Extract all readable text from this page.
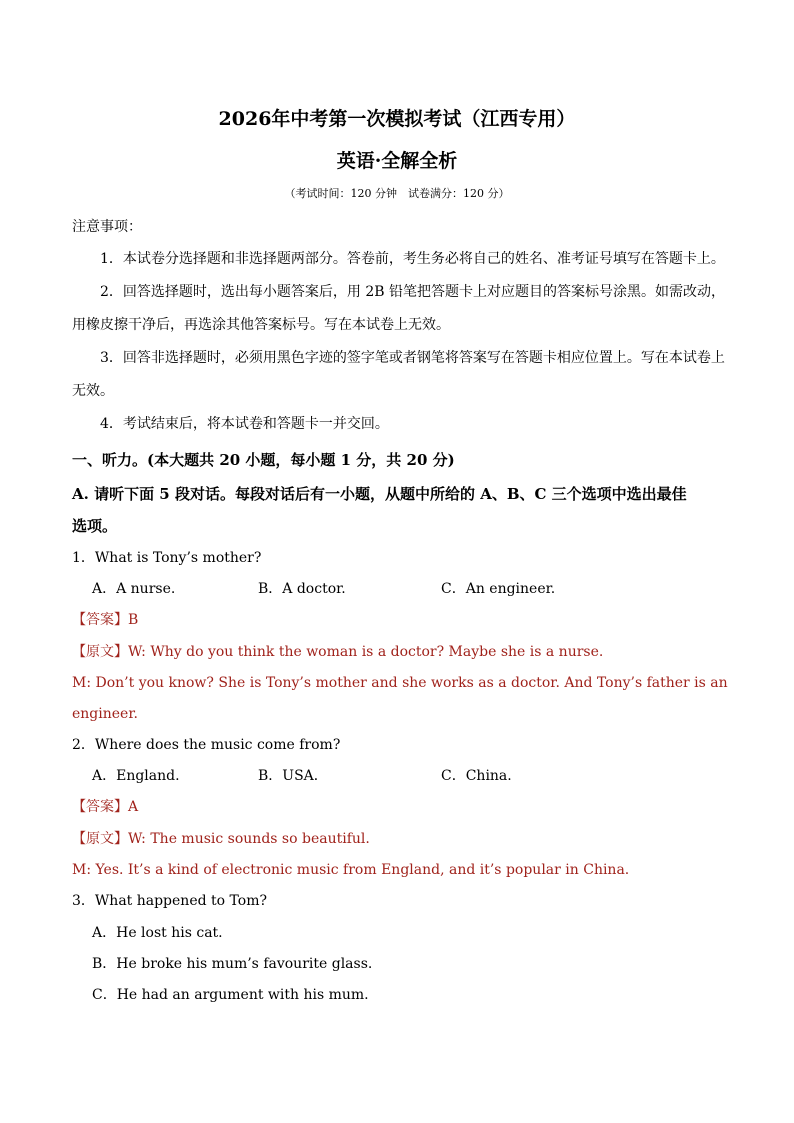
2026年中考第一次模拟考试（江西专用）
英语·全解全析
（考试时间：120 分钟　试卷满分：120 分）
注意事项：
1．本试卷分选择题和非选择题两部分。答卷前，考生务必将自己的姓名、准考证号填写在答题卡上。
2．回答选择题时，选出每小题答案后，用 2B 铅笔把答题卡上对应题目的答案标号涂黑。如需改动，
用橡皮擦干净后，再选涂其他答案标号。写在本试卷上无效。
3．回答非选择题时，必须用黑色字迹的签字笔或者钢笔将答案写在答题卡相应位置上。写在本试卷上
无效。
4．考试结束后，将本试卷和答题卡一并交回。
一、听力。(本大题共 20 小题，每小题 1 分，共 20 分)
A. 请听下面 5 段对话。每段对话后有一小题，从题中所给的 A、B、C 三个选项中选出最佳
选项。
1．What is Tony’s mother?
A．A nurse.	B．A doctor.	C．An engineer.
【答案】B
【原文】W: Why do you think the woman is a doctor? Maybe she is a nurse.
M: Don’t you know? She is Tony’s mother and she works as a doctor. And Tony’s father is an
engineer.
2．Where does the music come from?
A．England.	B．USA．	C．China.
【答案】A
【原文】W: The music sounds so beautiful.
M: Yes. It’s a kind of electronic music from England, and it’s popular in China.
3．What happened to Tom?
A．He lost his cat.
B．He broke his mum’s favourite glass.
C．He had an argument with his mum.
